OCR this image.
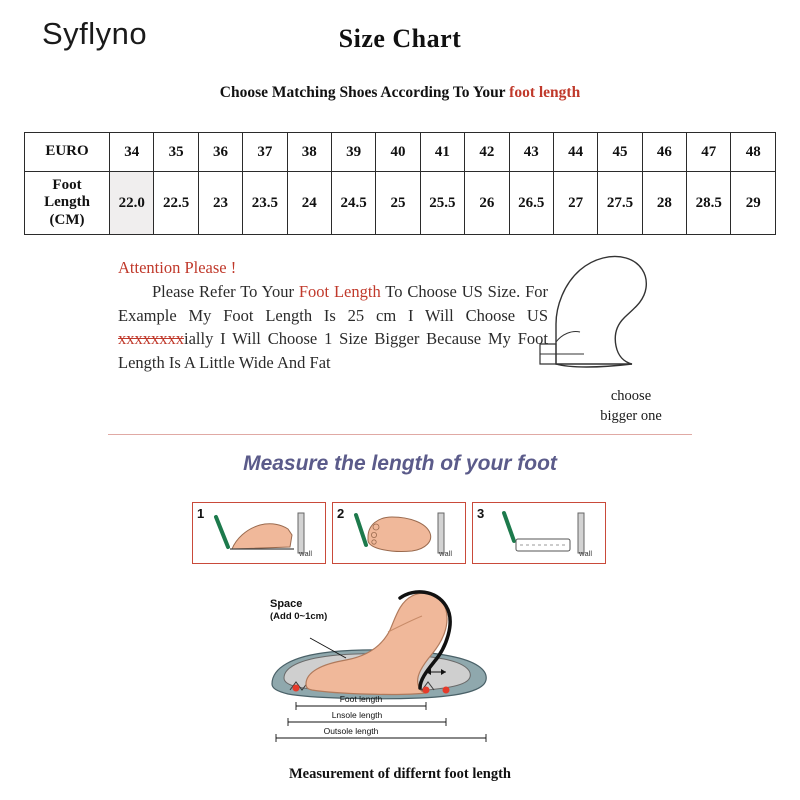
Syflyno	Size Chart
Choose Matching Shoes According To Your foot length
EURO	34	35	36	37	38	39	40	41	42	43	44	45	46	47	48

Foot
Length
(CM)	22.0	22.5	23	23.5	24	24.5	25	25.5	26	26.5	27	27.5	28	28.5	29
Attention Please !
Please Refer To Your Foot Length To Choose US Size. For Example My Foot Length Is 25 cm I Will Choose US xxxxxxxxially I Will Choose 1 Size Bigger Because My Foot Length Is A Little Wide And Fat
choose
bigger one
Measure the length of your foot
1
wall
2
wall
3
wall
Space
(Add 0~1cm)
Foot length
Lnsole length
Outsole length
Measurement of differnt foot length
